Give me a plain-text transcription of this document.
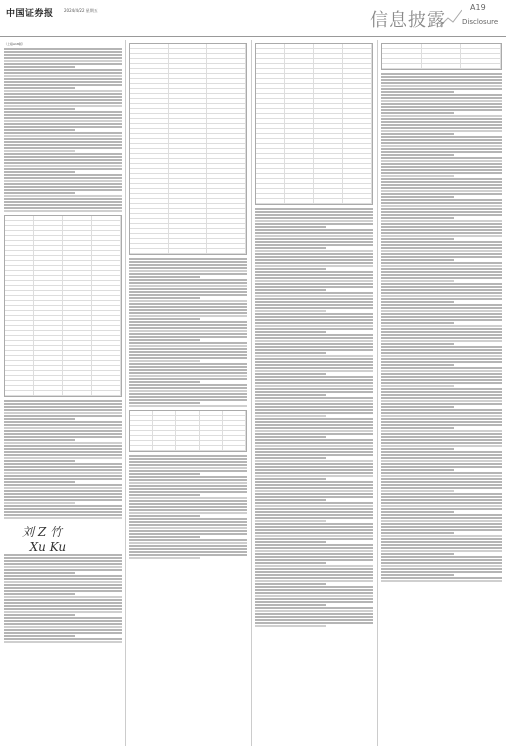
中国证券报	2024/4/22 星期五	信息披露
A19
Disclosure
（上接A18版）
刘 Z 竹
Xu Ku
